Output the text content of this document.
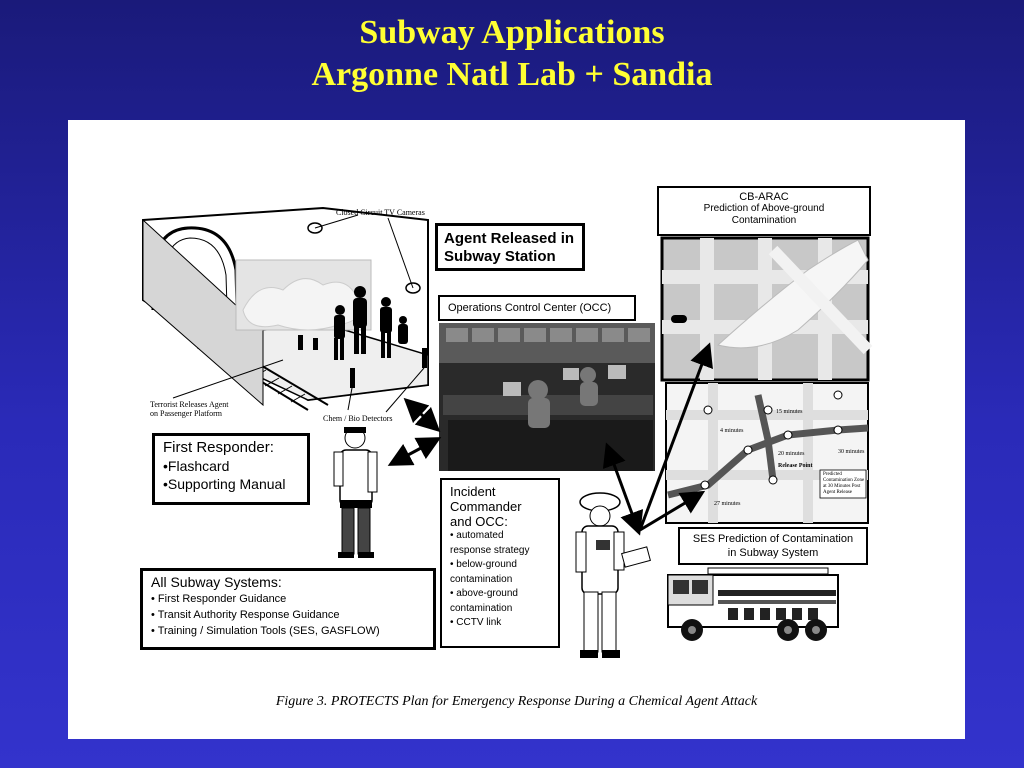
Subway Applications
Argonne Natl Lab + Sandia
Closed Circuit TV Cameras
Terrorist Releases Agent
on Passenger Platform
Chem / Bio Detectors
Agent Released in
Subway Station
Operations Control Center (OCC)
CB-ARAC
Prediction of Above-ground
Contamination
First Responder:
•Flashcard
•Supporting Manual	Incident
Commander
and OCC:
• automated
response strategy
• below-ground
contamination
• above-ground
contamination
• CCTV link
15 minutes
4 minutes
20 minutes	30 minutes
27 minutes
Release Point
Predicted
Contamination Zone
at 30 Minutes Post
Agent Release
SES Prediction of Contamination
in Subway System
All Subway Systems:
• First Responder Guidance
• Transit Authority Response Guidance
• Training / Simulation Tools (SES, GASFLOW)
Figure 3. PROTECTS Plan for Emergency Response During a Chemical Agent Attack
